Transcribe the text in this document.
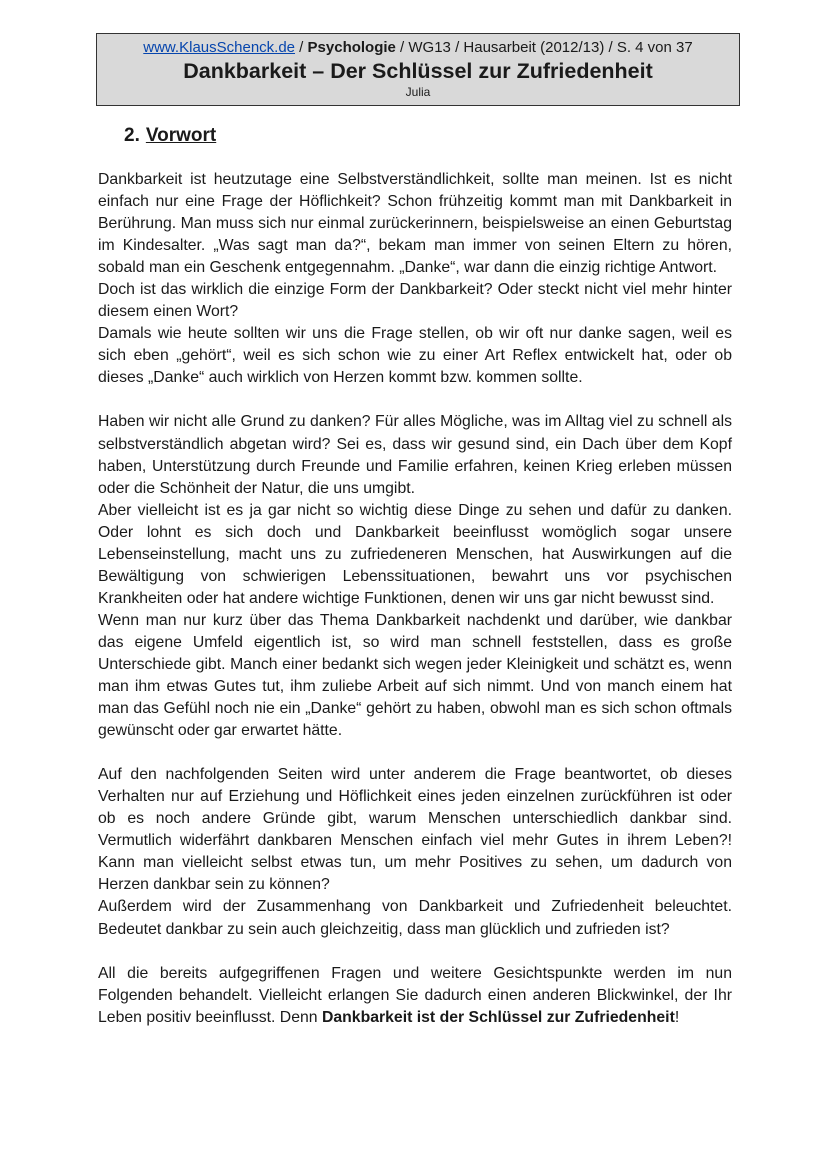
www.KlausSchenck.de / Psychologie / WG13 / Hausarbeit (2012/13) / S. 4 von 37
Dankbarkeit – Der Schlüssel zur Zufriedenheit
Julia
2. Vorwort

Dankbarkeit ist heutzutage eine Selbstverständlichkeit, sollte man meinen. Ist es nicht einfach nur eine Frage der Höflichkeit? Schon frühzeitig kommt man mit Dankbarkeit in Berührung. Man muss sich nur einmal zurückerinnern, beispielsweise an einen Geburtstag im Kindesalter. „Was sagt man da?“, bekam man immer von seinen Eltern zu hören, sobald man ein Geschenk entgegennahm. „Danke“, war dann die einzig richtige Antwort.

Doch ist das wirklich die einzige Form der Dankbarkeit? Oder steckt nicht viel mehr hinter diesem einen Wort?

Damals wie heute sollten wir uns die Frage stellen, ob wir oft nur danke sagen, weil es sich eben „gehört“, weil es sich schon wie zu einer Art Reflex entwickelt hat, oder ob dieses „Danke“ auch wirklich von Herzen kommt bzw. kommen sollte.

Haben wir nicht alle Grund zu danken? Für alles Mögliche, was im Alltag viel zu schnell als selbstverständlich abgetan wird? Sei es, dass wir gesund sind, ein Dach über dem Kopf haben, Unterstützung durch Freunde und Familie erfahren, keinen Krieg erleben müssen oder die Schönheit der Natur, die uns umgibt.

Aber vielleicht ist es ja gar nicht so wichtig diese Dinge zu sehen und dafür zu danken. Oder lohnt es sich doch und Dankbarkeit beeinflusst womöglich sogar unsere Lebenseinstellung, macht uns zu zufriedeneren Menschen, hat Auswirkungen auf die Bewältigung von schwierigen Lebenssituationen, bewahrt uns vor psychischen Krankheiten oder hat andere wichtige Funktionen, denen wir uns gar nicht bewusst sind.

Wenn man nur kurz über das Thema Dankbarkeit nachdenkt und darüber, wie dankbar das eigene Umfeld eigentlich ist, so wird man schnell feststellen, dass es große Unterschiede gibt. Manch einer bedankt sich wegen jeder Kleinigkeit und schätzt es, wenn man ihm etwas Gutes tut, ihm zuliebe Arbeit auf sich nimmt. Und von manch einem hat man das Gefühl noch nie ein „Danke“ gehört zu haben, obwohl man es sich schon oftmals gewünscht oder gar erwartet hätte.

Auf den nachfolgenden Seiten wird unter anderem die Frage beantwortet, ob dieses Verhalten nur auf Erziehung und Höflichkeit eines jeden einzelnen zurückführen ist oder ob es noch andere Gründe gibt, warum Menschen unterschiedlich dankbar sind. Vermutlich widerfährt dankbaren Menschen einfach viel mehr Gutes in ihrem Leben?! Kann man vielleicht selbst etwas tun, um mehr Positives zu sehen, um dadurch von Herzen dankbar sein zu können?

Außerdem wird der Zusammenhang von Dankbarkeit und Zufriedenheit beleuchtet. Bedeutet dankbar zu sein auch gleichzeitig, dass man glücklich und zufrieden ist?

All die bereits aufgegriffenen Fragen und weitere Gesichtspunkte werden im nun Folgenden behandelt. Vielleicht erlangen Sie dadurch einen anderen Blickwinkel, der Ihr Leben positiv beeinflusst. Denn Dankbarkeit ist der Schlüssel zur Zufriedenheit!
